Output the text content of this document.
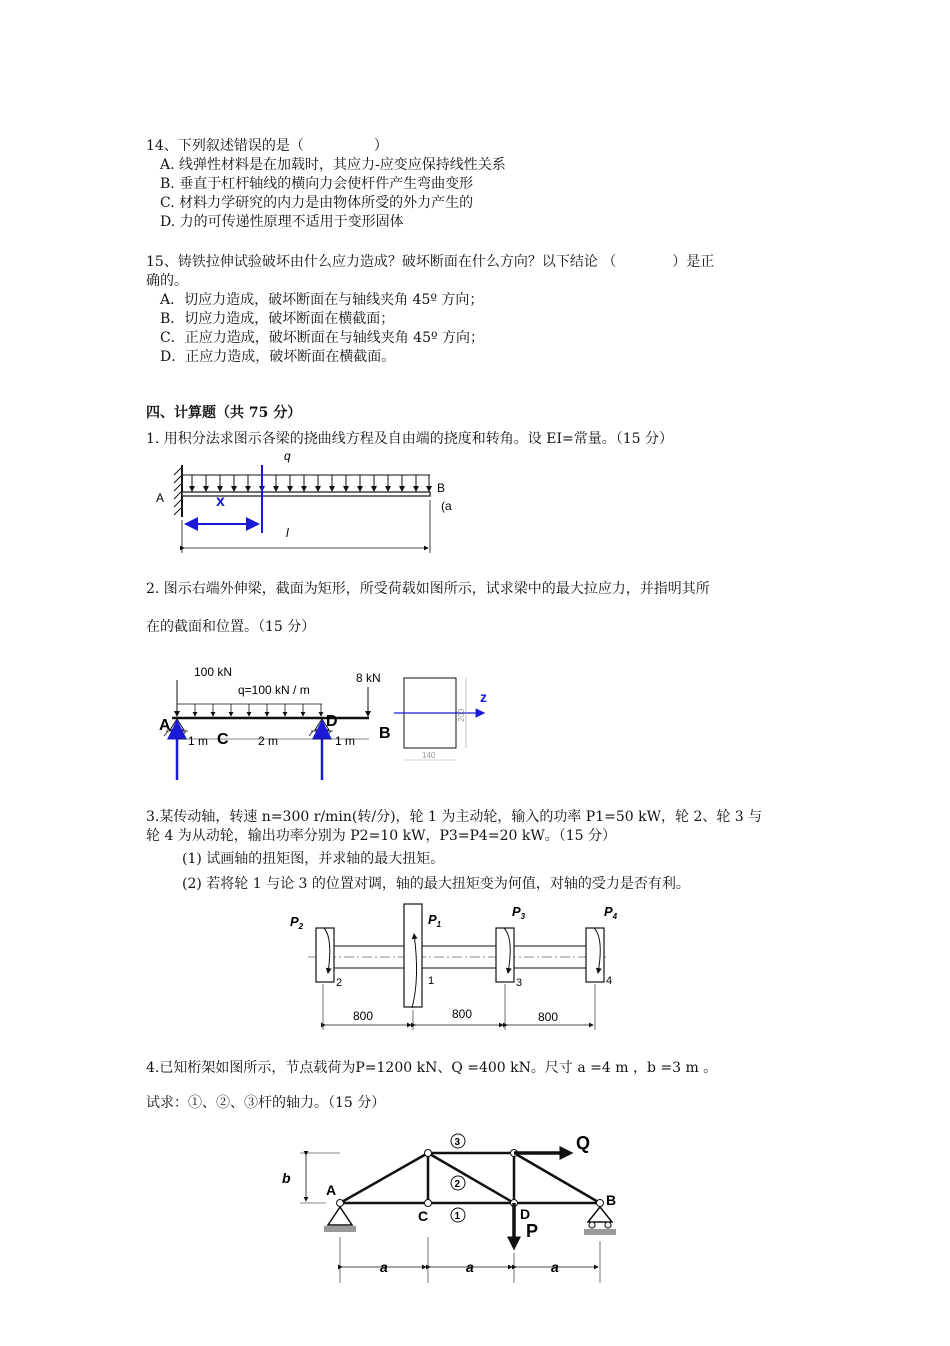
14、下列叙述错误的是（　　　　　）
A. 线弹性材料是在加载时，其应力-应变应保持线性关系
B. 垂直于杠杆轴线的横向力会使杆件产生弯曲变形
C. 材料力学研究的内力是由物体所受的外力产生的
D. 力的可传递性原理不适用于变形固体
15、铸铁拉伸试验破坏由什么应力造成？破坏断面在什么方向？以下结论 （　　　　）是正
确的。
A．切应力造成，破坏断面在与轴线夹角 45º 方向；
B．切应力造成，破坏断面在横截面；
C．正应力造成，破坏断面在与轴线夹角 45º 方向；
D．正应力造成，破坏断面在横截面。
四、计算题（共 75 分）
1. 用积分法求图示各梁的挠曲线方程及自由端的挠度和转角。设 EI=常量。（15 分）
x
q
A
B
(a
l
2. 图示右端外伸梁，截面为矩形，所受荷载如图所示，试求梁中的最大拉应力，并指明其所
在的截面和位置。（15 分）
100 kN
q=100 kN / m
8 kN
A	D
C	B
1 m	2 m	1 m
z
200
140
3.某传动轴，转速 n=300 r/min(转/分)，轮 1 为主动轮，输入的功率 P1=50 kW，轮 2、轮 3 与
轮 4 为从动轮，输出功率分别为 P2=10 kW，P3=P4=20 kW。（15 分）
(1) 试画轴的扭矩图，并求轴的最大扭矩。
(2) 若将轮 1 与论 3 的位置对调，轴的最大扭矩变为何值，对轴的受力是否有利。
$P_2$	$P_1$
$P_3$	$P_4$
2	1	3	4
800	800	800
4.已知桁架如图所示，节点载荷为P=1200 kN、Q =400 kN。尺寸 a =4 m ，b =3 m 。
试求：①、②、③杆的轴力。（15 分）
Q
P
3
2
1
A
B
C	D
b
a	a	a
